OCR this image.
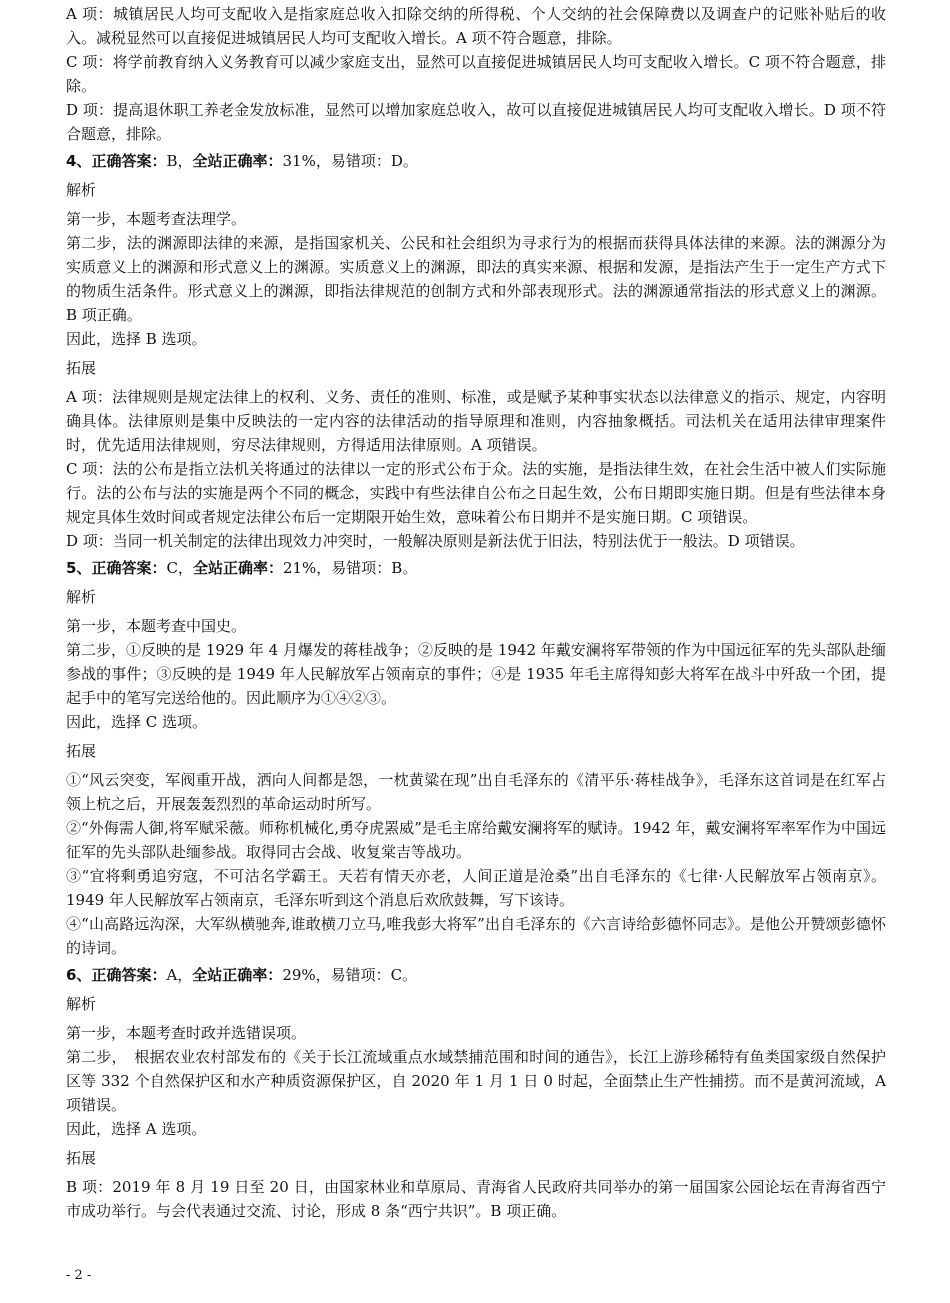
A 项：城镇居民人均可支配收入是指家庭总收入扣除交纳的所得税、个人交纳的社会保障费以及调查户的记账补贴后的收入。减税显然可以直接促进城镇居民人均可支配收入增长。A 项不符合题意，排除。

C 项：将学前教育纳入义务教育可以减少家庭支出，显然可以直接促进城镇居民人均可支配收入增长。C 项不符合题意，排除。

D 项：提高退休职工养老金发放标准，显然可以增加家庭总收入，故可以直接促进城镇居民人均可支配收入增长。D 项不符合题意，排除。

4、正确答案：B，全站正确率：31%，易错项：D。

解析

第一步，本题考查法理学。

第二步，法的渊源即法律的来源，是指国家机关、公民和社会组织为寻求行为的根据而获得具体法律的来源。法的渊源分为实质意义上的渊源和形式意义上的渊源。实质意义上的渊源，即法的真实来源、根据和发源，是指法产生于一定生产方式下的物质生活条件。形式意义上的渊源，即指法律规范的创制方式和外部表现形式。法的渊源通常指法的形式意义上的渊源。B 项正确。

因此，选择 B 选项。

拓展

A 项：法律规则是规定法律上的权利、义务、责任的准则、标准，或是赋予某种事实状态以法律意义的指示、规定，内容明确具体。法律原则是集中反映法的一定内容的法律活动的指导原理和准则，内容抽象概括。司法机关在适用法律审理案件时，优先适用法律规则，穷尽法律规则，方得适用法律原则。A 项错误。

C 项：法的公布是指立法机关将通过的法律以一定的形式公布于众。法的实施，是指法律生效，在社会生活中被人们实际施行。法的公布与法的实施是两个不同的概念，实践中有些法律自公布之日起生效，公布日期即实施日期。但是有些法律本身规定具体生效时间或者规定法律公布后一定期限开始生效，意味着公布日期并不是实施日期。C 项错误。

D 项：当同一机关制定的法律出现效力冲突时，一般解决原则是新法优于旧法，特别法优于一般法。D 项错误。

5、正确答案：C，全站正确率：21%，易错项：B。

解析

第一步，本题考查中国史。

第二步，①反映的是 1929 年 4 月爆发的蒋桂战争；②反映的是 1942 年戴安澜将军带领的作为中国远征军的先头部队赴缅参战的事件；③反映的是 1949 年人民解放军占领南京的事件；④是 1935 年毛主席得知彭大将军在战斗中歼敌一个团，提起手中的笔写完送给他的。因此顺序为①④②③。

因此，选择 C 选项。

拓展

①“风云突变，军阀重开战，洒向人间都是怨，一枕黄粱在现”出自毛泽东的《清平乐·蒋桂战争》，毛泽东这首词是在红军占领上杭之后，开展轰轰烈烈的革命运动时所写。

②“外侮需人御,将军赋采薇。师称机械化,勇夺虎罴威”是毛主席给戴安澜将军的赋诗。1942 年，戴安澜将军率军作为中国远征军的先头部队赴缅参战。取得同古会战、收复棠吉等战功。

③“宜将剩勇追穷寇，不可沽名学霸王。天若有情天亦老，人间正道是沧桑”出自毛泽东的《七律·人民解放军占领南京》。1949 年人民解放军占领南京，毛泽东听到这个消息后欢欣鼓舞，写下该诗。

④“山高路远沟深，大军纵横驰奔,谁敢横刀立马,唯我彭大将军”出自毛泽东的《六言诗给彭德怀同志》。是他公开赞颂彭德怀的诗词。

6、正确答案：A，全站正确率：29%，易错项：C。

解析

第一步，本题考查时政并选错误项。

第二步，　根据农业农村部发布的《关于长江流域重点水域禁捕范围和时间的通告》，长江上游珍稀特有鱼类国家级自然保护区等 332 个自然保护区和水产种质资源保护区，自 2020 年 1 月 1 日 0 时起，全面禁止生产性捕捞。而不是黄河流域，A 项错误。

因此，选择 A 选项。

拓展

B 项：2019 年 8 月 19 日至 20 日，由国家林业和草原局、青海省人民政府共同举办的第一届国家公园论坛在青海省西宁市成功举行。与会代表通过交流、讨论，形成 8 条“西宁共识”。B 项正确。

- 2 -
